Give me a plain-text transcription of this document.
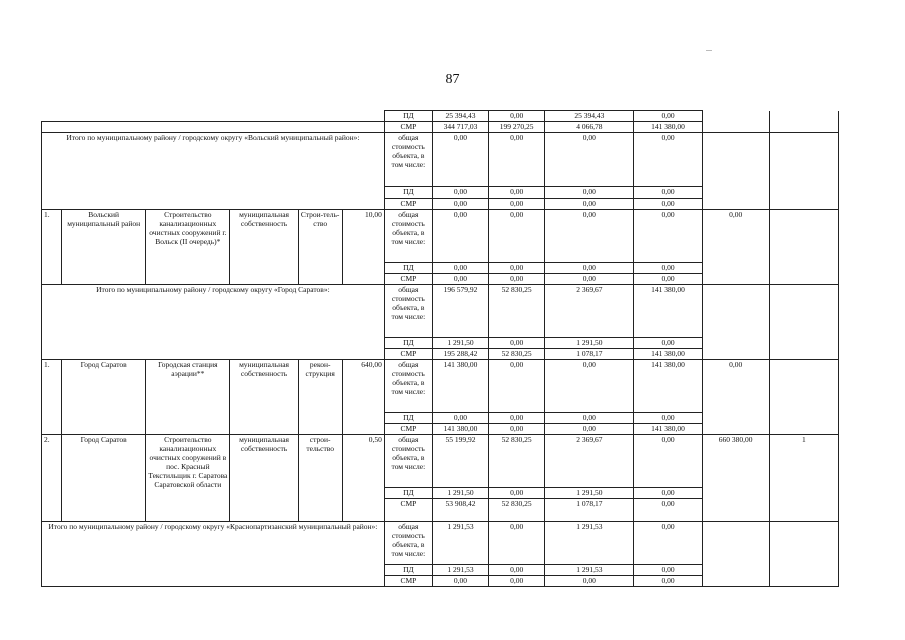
87
						ПД	25 394,43	0,00	25 394,43	0,00		
						СМР	344 717,03	199 270,25	4 066,78	141 380,00		
Итого по муниципальному району / городскому округу «Вольский муниципальный район»:						общая стоимость объекта, в том числе:	0,00	0,00	0,00	0,00		
						ПД	0,00	0,00	0,00	0,00		
						СМР	0,00	0,00	0,00	0,00		
1.	Вольский муниципальный район	Строительство канализационных очистных сооружений г. Вольск (II очередь)*	муниципальная собственность	Строи-тель-ство	10,00	общая стоимость объекта, в том числе:	0,00	0,00	0,00	0,00	0,00	
						ПД	0,00	0,00	0,00	0,00		
						СМР	0,00	0,00	0,00	0,00		
Итого по муниципальному району / городскому округу «Город Саратов»:						общая стоимость объекта, в том числе:	196 579,92	52 830,25	2 369,67	141 380,00		
						ПД	1 291,50	0,00	1 291,50	0,00		
						СМР	195 288,42	52 830,25	1 078,17	141 380,00		
1.	Город Саратов	Городская станция аэрации**	муниципальная собственность	рекон-струкция	640,00	общая стоимость объекта, в том числе:	141 380,00	0,00	0,00	141 380,00	0,00	
						ПД	0,00	0,00	0,00	0,00		
						СМР	141 380,00	0,00	0,00	141 380,00		
2.	Город Саратов	Строительство канализационных очистных сооружений в пос. Красный Текстильщик г. Саратова Саратовской области	муниципальная собственность	строи-тельство	0,50	общая стоимость объекта, в том числе:	55 199,92	52 830,25	2 369,67	0,00	660 380,00	1
						ПД	1 291,50	0,00	1 291,50	0,00		
						СМР	53 908,42	52 830,25	1 078,17	0,00		
Итого по муниципальному району / городскому округу «Краснопартизанский муниципальный район»:						общая стоимость объекта, в том числе:	1 291,53	0,00	1 291,53	0,00		
						ПД	1 291,53	0,00	1 291,53	0,00		
						СМР	0,00	0,00	0,00	0,00		
